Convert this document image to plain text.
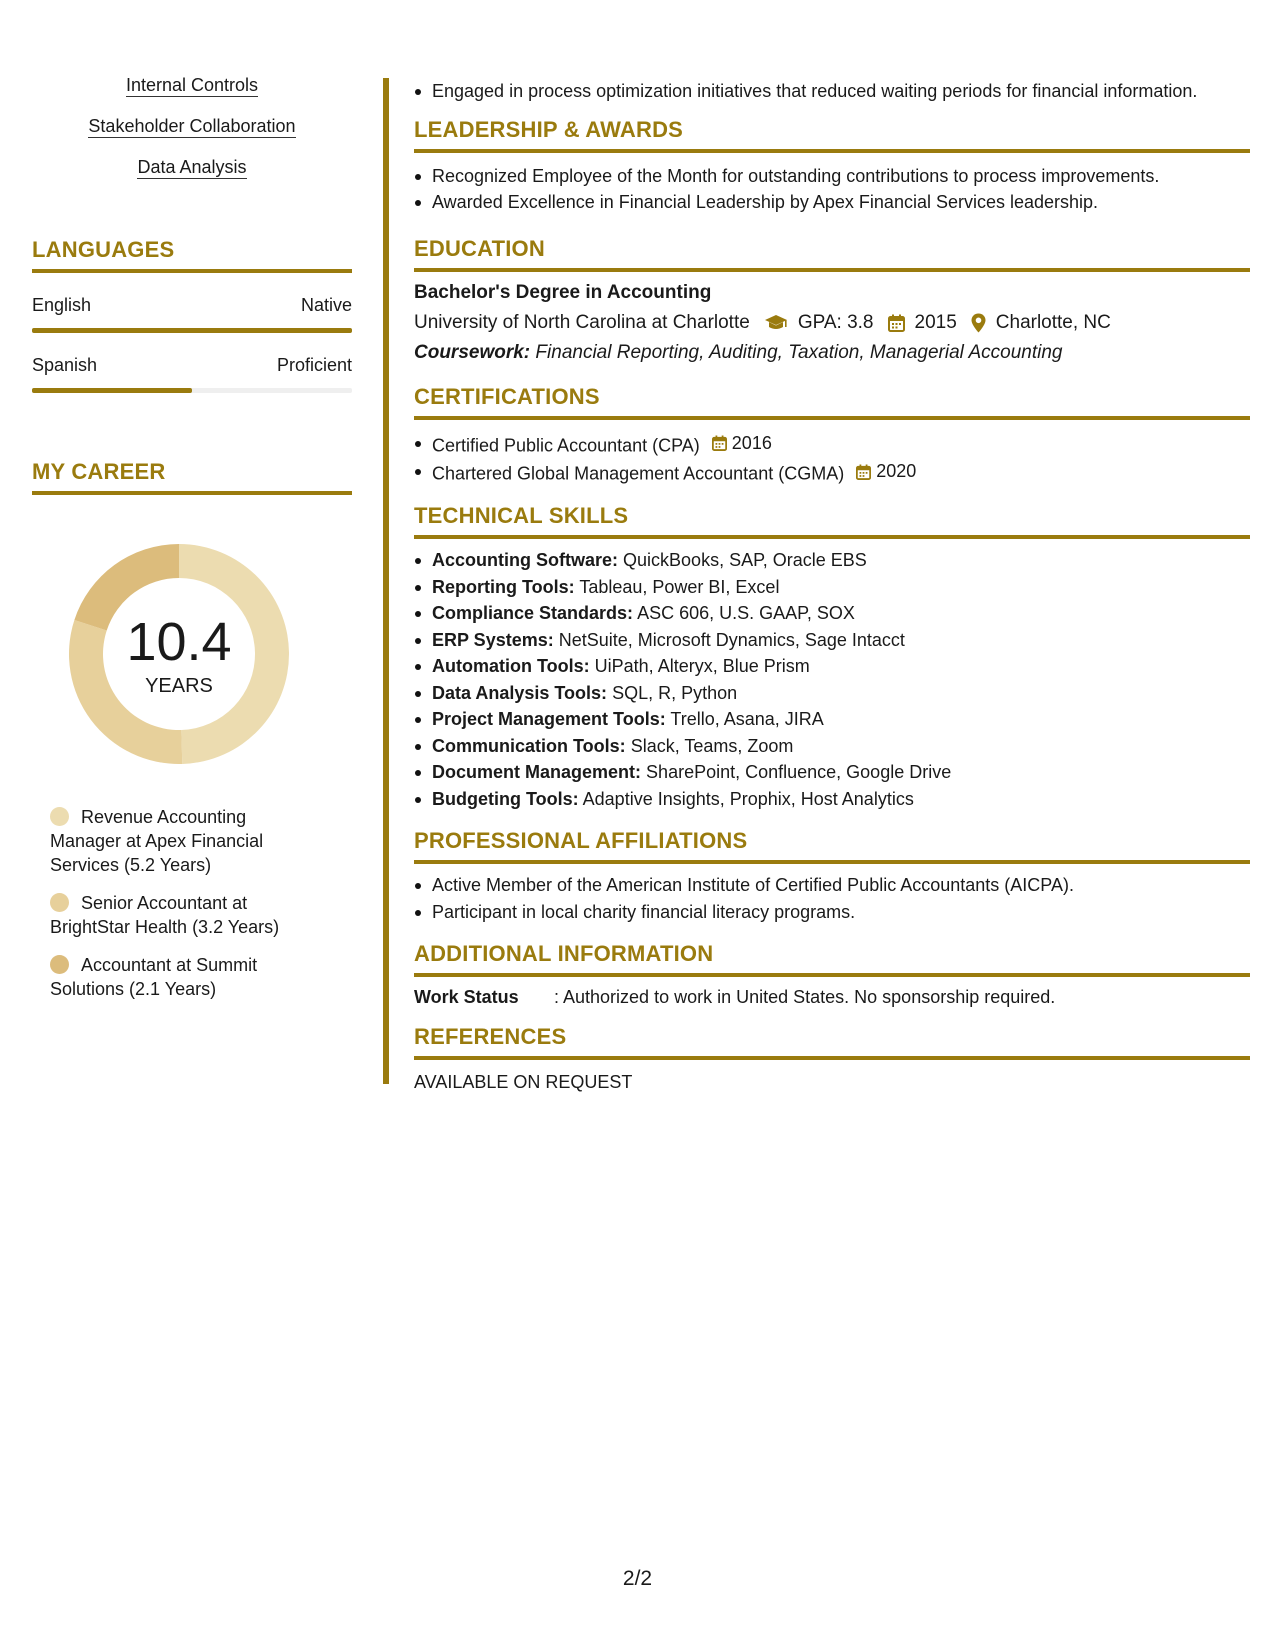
Internal Controls
Stakeholder Collaboration
Data Analysis
LANGUAGES
English	Native
Spanish	Proficient
MY CAREER
10.4
YEARS
Revenue Accounting Manager at Apex Financial Services (5.2 Years)
Senior Accountant at BrightStar Health (3.2 Years)
Accountant at Summit Solutions (2.1 Years)
Engaged in process optimization initiatives that reduced waiting periods for financial information.
LEADERSHIP & AWARDS
Recognized Employee of the Month for outstanding contributions to process improvements.
Awarded Excellence in Financial Leadership by Apex Financial Services leadership.
EDUCATION
Bachelor's Degree in Accounting
University of North Carolina at Charlotte	GPA: 3.8 2015 Charlotte, NC
Coursework: Financial Reporting, Auditing, Taxation, Managerial Accounting
CERTIFICATIONS
Certified Public Accountant (CPA) 2016
Chartered Global Management Accountant (CGMA) 2020
TECHNICAL SKILLS
Accounting Software: QuickBooks, SAP, Oracle EBS
Reporting Tools: Tableau, Power BI, Excel
Compliance Standards: ASC 606, U.S. GAAP, SOX
ERP Systems: NetSuite, Microsoft Dynamics, Sage Intacct
Automation Tools: UiPath, Alteryx, Blue Prism
Data Analysis Tools: SQL, R, Python
Project Management Tools: Trello, Asana, JIRA
Communication Tools: Slack, Teams, Zoom
Document Management: SharePoint, Confluence, Google Drive
Budgeting Tools: Adaptive Insights, Prophix, Host Analytics
PROFESSIONAL AFFILIATIONS
Active Member of the American Institute of Certified Public Accountants (AICPA).
Participant in local charity financial literacy programs.
ADDITIONAL INFORMATION
Work Status : Authorized to work in United States. No sponsorship required.
REFERENCES
AVAILABLE ON REQUEST
2/2
